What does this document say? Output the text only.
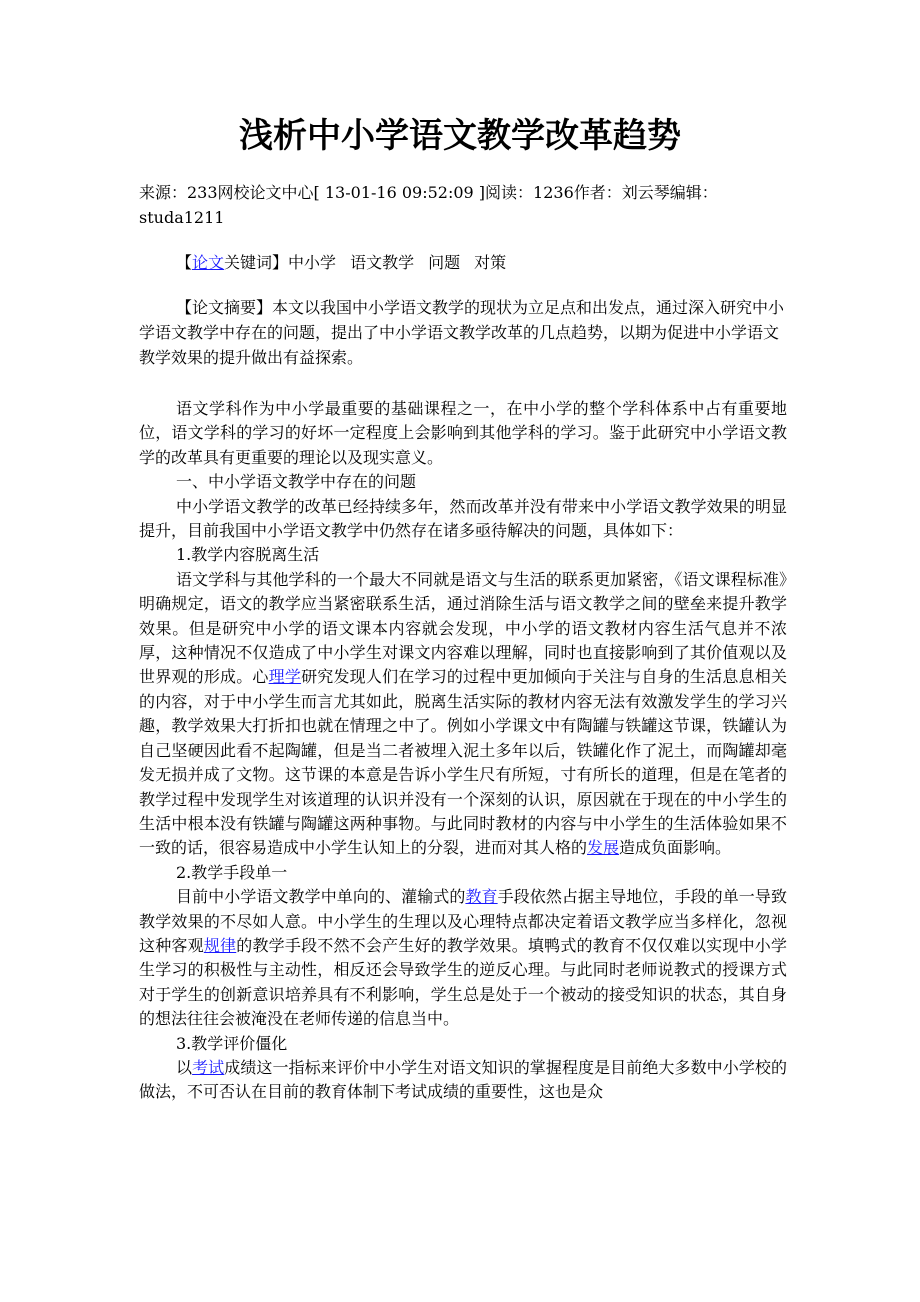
浅析中小学语文教学改革趋势

来源：233网校论文中心[ 13-01-16 09:52:09 ]阅读：1236作者：刘云琴编辑：studa1211

【论文关键词】中小学 语文教学 问题 对策

【论文摘要】本文以我国中小学语文教学的现状为立足点和出发点，通过深入研究中小学语文教学中存在的问题，提出了中小学语文教学改革的几点趋势，以期为促进中小学语文教学效果的提升做出有益探索。

语文学科作为中小学最重要的基础课程之一，在中小学的整个学科体系中占有重要地位，语文学科的学习的好坏一定程度上会影响到其他学科的学习。鉴于此研究中小学语文教学的改革具有更重要的理论以及现实意义。

一、中小学语文教学中存在的问题

中小学语文教学的改革已经持续多年，然而改革并没有带来中小学语文教学效果的明显提升，目前我国中小学语文教学中仍然存在诸多亟待解决的问题，具体如下：

1.教学内容脱离生活

语文学科与其他学科的一个最大不同就是语文与生活的联系更加紧密，《语文课程标准》明确规定，语文的教学应当紧密联系生活，通过消除生活与语文教学之间的壁垒来提升教学效果。但是研究中小学的语文课本内容就会发现，中小学的语文教材内容生活气息并不浓厚，这种情况不仅造成了中小学生对课文内容难以理解，同时也直接影响到了其价值观以及世界观的形成。心理学研究发现人们在学习的过程中更加倾向于关注与自身的生活息息相关的内容，对于中小学生而言尤其如此，脱离生活实际的教材内容无法有效激发学生的学习兴趣，教学效果大打折扣也就在情理之中了。例如小学课文中有陶罐与铁罐这节课，铁罐认为自己坚硬因此看不起陶罐，但是当二者被埋入泥土多年以后，铁罐化作了泥土，而陶罐却毫发无损并成了文物。这节课的本意是告诉小学生尺有所短，寸有所长的道理，但是在笔者的教学过程中发现学生对该道理的认识并没有一个深刻的认识，原因就在于现在的中小学生的生活中根本没有铁罐与陶罐这两种事物。与此同时教材的内容与中小学生的生活体验如果不一致的话，很容易造成中小学生认知上的分裂，进而对其人格的发展造成负面影响。

2.教学手段单一

目前中小学语文教学中单向的、灌输式的教育手段依然占据主导地位，手段的单一导致教学效果的不尽如人意。中小学生的生理以及心理特点都决定着语文教学应当多样化，忽视这种客观规律的教学手段不然不会产生好的教学效果。填鸭式的教育不仅仅难以实现中小学生学习的积极性与主动性，相反还会导致学生的逆反心理。与此同时老师说教式的授课方式对于学生的创新意识培养具有不利影响，学生总是处于一个被动的接受知识的状态，其自身的想法往往会被淹没在老师传递的信息当中。

3.教学评价僵化

以考试成绩这一指标来评价中小学生对语文知识的掌握程度是目前绝大多数中小学校的做法，不可否认在目前的教育体制下考试成绩的重要性，这也是众
